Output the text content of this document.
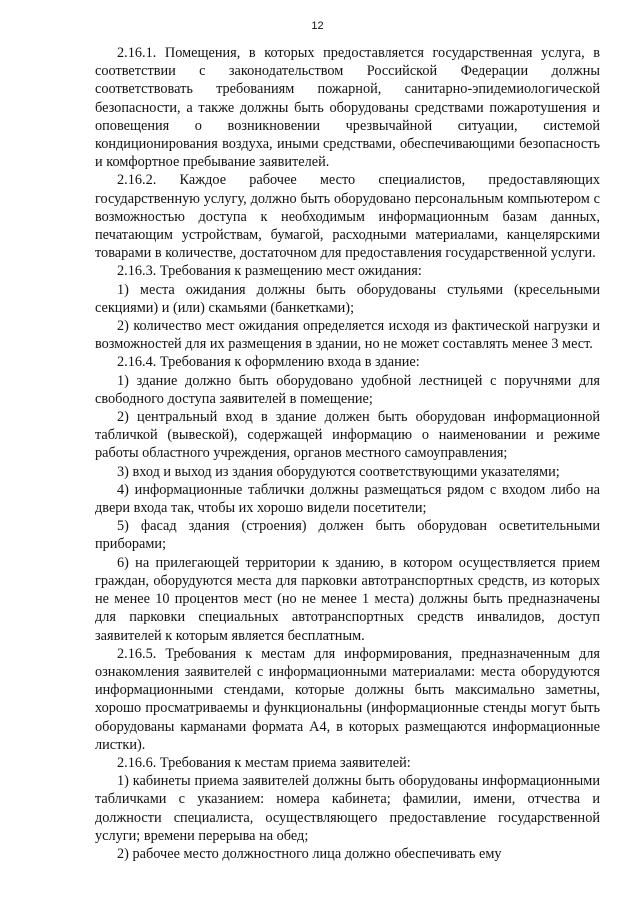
12

2.16.1. Помещения, в которых предоставляется государственная услуга, в соответствии с законодательством Российской Федерации должны соответствовать требованиям пожарной, санитарно-эпидемиологической безопасности, а также должны быть оборудованы средствами пожаротушения и оповещения о возникновении чрезвычайной ситуации, системой кондиционирования воздуха, иными средствами, обеспечивающими безопасность и комфортное пребывание заявителей.

2.16.2. Каждое рабочее место специалистов, предоставляющих государственную услугу, должно быть оборудовано персональным компьютером с возможностью доступа к необходимым информационным базам данных, печатающим устройствам, бумагой, расходными материалами, канцелярскими товарами в количестве, достаточном для предоставления государственной услуги.

2.16.3. Требования к размещению мест ожидания:

1) места ожидания должны быть оборудованы стульями (кресельными секциями) и (или) скамьями (банкетками);

2) количество мест ожидания определяется исходя из фактической нагрузки и возможностей для их размещения в здании, но не может составлять менее 3 мест.

2.16.4. Требования к оформлению входа в здание:

1) здание должно быть оборудовано удобной лестницей с поручнями для свободного доступа заявителей в помещение;

2) центральный вход в здание должен быть оборудован информационной табличкой (вывеской), содержащей информацию о наименовании и режиме работы областного учреждения, органов местного самоуправления;

3) вход и выход из здания оборудуются соответствующими указателями;

4) информационные таблички должны размещаться рядом с входом либо на двери входа так, чтобы их хорошо видели посетители;

5) фасад здания (строения) должен быть оборудован осветительными приборами;

6) на прилегающей территории к зданию, в котором осуществляется прием граждан, оборудуются места для парковки автотранспортных средств, из которых не менее 10 процентов мест (но не менее 1 места) должны быть предназначены для парковки специальных автотранспортных средств инвалидов, доступ заявителей к которым является бесплатным.

2.16.5. Требования к местам для информирования, предназначенным для ознакомления заявителей с информационными материалами: места оборудуются информационными стендами, которые должны быть максимально заметны, хорошо просматриваемы и функциональны (информационные стенды могут быть оборудованы карманами формата А4, в которых размещаются информационные листки).

2.16.6. Требования к местам приема заявителей:

1) кабинеты приема заявителей должны быть оборудованы информационными табличками с указанием: номера кабинета; фамилии, имени, отчества и должности специалиста, осуществляющего предоставление государственной услуги; времени перерыва на обед;

2) рабочее место должностного лица должно обеспечивать ему
